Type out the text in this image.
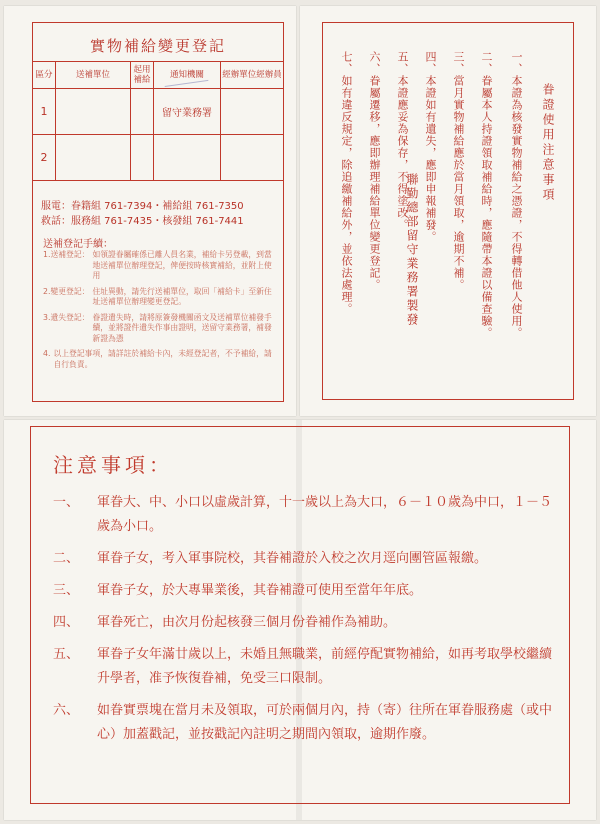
實物補給變更登記
區分	送補單位	起用補給	通知機關	經辦單位經辦員
1			留守業務署	
2				
服電：眷籍組 761-7394・補給組 761-7350
救話：服務組 761-7435・核發組 761-7441
送補登記手續：
1.送補登記： 如領證眷屬確係已離人員名業，補給卡另登載，到當地送補單位辦理登記，俾便按時核實補給，並附上使用
2.變更登記： 住址異動，請先行送補單位，取回「補給卡」至新住址送補單位辦理變更登記。
3.遺失登記： 眷證遺失時，請將原簽發機關函文及送補單位補發手續，並將證件遺失作事由證明，送留守業務署，補發新證為憑
4. 以上登記事項，請詳註於補給卡內，未經登記者，不予補給，請自行負責。
眷證使用注意事項
一、本證為核發實物補給之憑證，不得轉借他人使用。
二、眷屬本人持證領取補給時，應隨帶本證以備查驗。
三、當月實物補給應於當月領取，逾期不補。
四、本證如有遺失，應即申報補發。
五、本證應妥為保存，不得塗改。
六、眷屬遷移，應即辦理補給單位變更登記。
七、如有違反規定，除追繳補給外，並依法處理。	聯勤總部留守業務署製發
注意事項：
一、	軍眷大、中、小口以虛歲計算，十一歲以上為大口，６－１０歲為中口，１－５歲為小口。
二、	軍眷子女，考入軍事院校，其眷補證於入校之次月逕向團管區報繳。
三、	軍眷子女，於大專畢業後，其眷補證可使用至當年年底。
四、	軍眷死亡，由次月份起核發三個月份眷補作為補助。
五、	軍眷子女年滿廿歲以上，未婚且無職業，前經停配實物補給，如再考取學校繼續升學者，准予恢復眷補，免受三口限制。
六、	如眷實票塊在當月未及領取，可於兩個月內，持（寄）往所在軍眷服務處（或中心）加蓋戳記，並按戳記內註明之期間內領取，逾期作廢。
